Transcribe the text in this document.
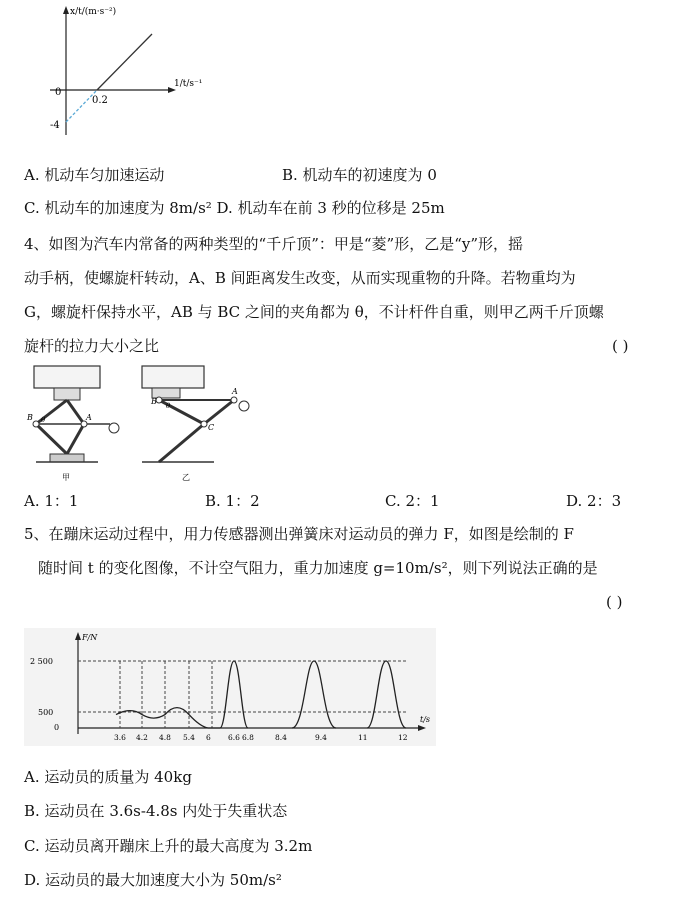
x/t/(m·s⁻²)
1/t/s⁻¹
0
0.2
-4
A. 机动车匀加速运动	B. 机动车的初速度为 0
C. 机动车的加速度为 8m/s² D. 机动车在前 3 秒的位移是 25m
4、如图为汽车内常备的两种类型的“千斤顶”：甲是“菱”形，乙是“y”形，摇
动手柄，使螺旋杆转动，A、B 间距离发生改变，从而实现重物的升降。若物重均为
G，螺旋杆保持水平，AB 与 BC 之间的夹角都为 θ，不计杆件自重，则甲乙两千斤顶螺
旋杆的拉力大小之比	( )
B	A
θ
甲
B
A
C
θ
乙
A. 1：1	B. 1：2	C. 2：1	D. 2：3
5、在蹦床运动过程中，用力传感器测出弹簧床对运动员的弹力 F，如图是绘制的 F
随时间 t 的变化图像，不计空气阻力，重力加速度 g=10m/s²，则下列说法正确的是
( )
F/N
t/s
2 500
500
0
3.6 4.2 4.8 5.4 6 6.6 6.8	8.4	9.4	11	12
A. 运动员的质量为 40kg
B. 运动员在 3.6s-4.8s 内处于失重状态
C. 运动员离开蹦床上升的最大高度为 3.2m
D. 运动员的最大加速度大小为 50m/s²
